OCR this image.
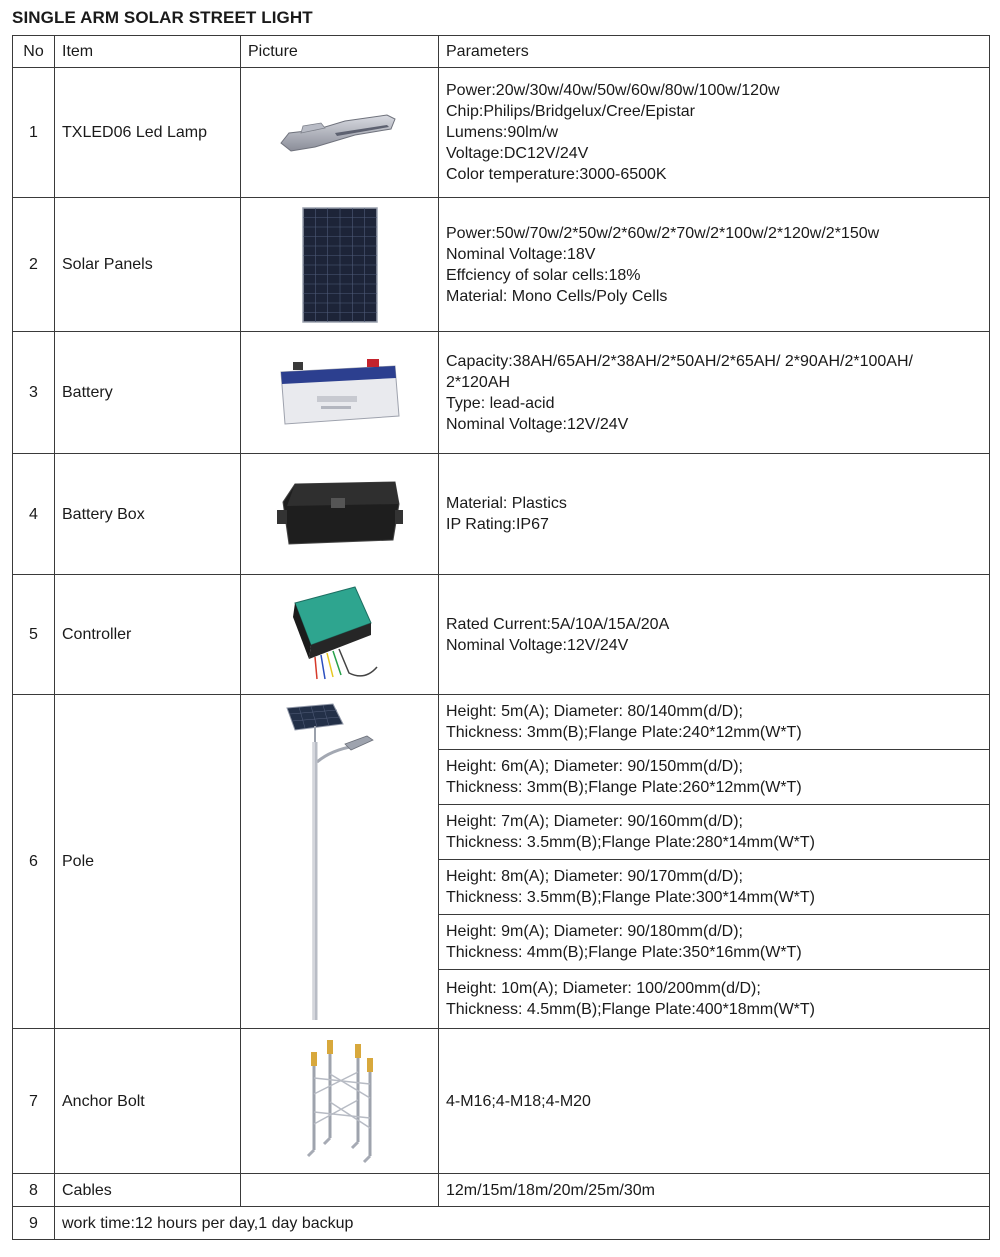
SINGLE ARM SOLAR STREET LIGHT
No	Item	Picture	Parameters
1	TXLED06 Led Lamp		Power:20w/30w/40w/50w/60w/80w/100w/120w
Chip:Philips/Bridgelux/Cree/Epistar
Lumens:90lm/w
Voltage:DC12V/24V
Color temperature:3000-6500K

2	Solar Panels		Power:50w/70w/2*50w/2*60w/2*70w/2*100w/2*120w/2*150w
Nominal Voltage:18V
Effciency of solar cells:18%
Material: Mono Cells/Poly Cells

3	Battery		Capacity:38AH/65AH/2*38AH/2*50AH/2*65AH/ 2*90AH/2*100AH/
2*120AH
Type: lead-acid
Nominal Voltage:12V/24V

4	Battery Box		Material: Plastics
IP Rating:IP67

5	Controller		Rated Current:5A/10A/15A/20A
Nominal Voltage:12V/24V

6	Pole		Height: 5m(A); Diameter: 80/140mm(d/D);
Thickness: 3mm(B);Flange Plate:240*12mm(W*T)

			Height: 6m(A); Diameter: 90/150mm(d/D);
Thickness: 3mm(B);Flange Plate:260*12mm(W*T)

			Height: 7m(A); Diameter: 90/160mm(d/D);
Thickness: 3.5mm(B);Flange Plate:280*14mm(W*T)

			Height: 8m(A); Diameter: 90/170mm(d/D);
Thickness: 3.5mm(B);Flange Plate:300*14mm(W*T)

			Height: 9m(A); Diameter: 90/180mm(d/D);
Thickness: 4mm(B);Flange Plate:350*16mm(W*T)

			Height: 10m(A); Diameter: 100/200mm(d/D);
Thickness: 4.5mm(B);Flange Plate:400*18mm(W*T)

7	Anchor Bolt		4-M16;4-M18;4-M20

8	Cables		12m/15m/18m/20m/25m/30m

9	work time:12 hours per day,1 day backup		
